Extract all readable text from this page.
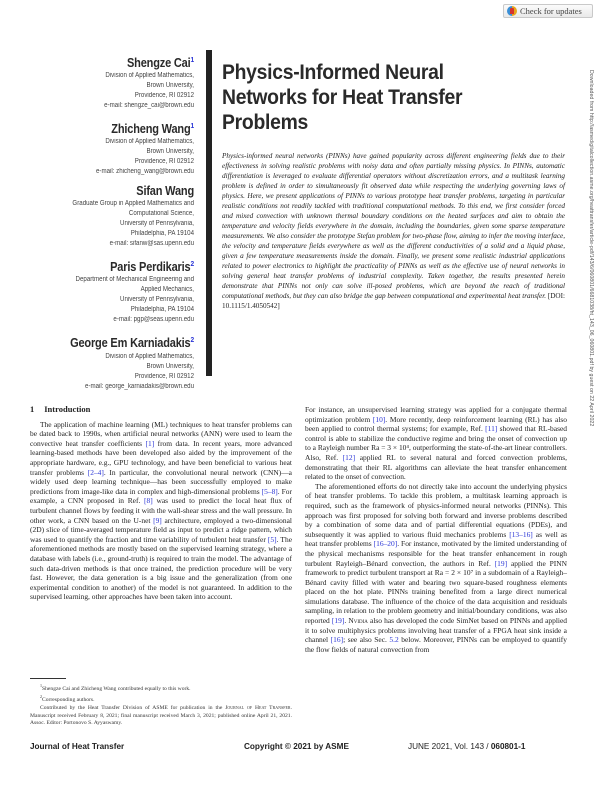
Check for updates
Shengze Cai$^1$
Division of Applied Mathematics,
Brown University,
Providence, RI 02912
e-mail: shengze_cai@brown.edu
Zhicheng Wang$^1$
Division of Applied Mathematics,
Brown University,
Providence, RI 02912
e-mail: zhicheng_wang@brown.edu
Sifan Wang
Graduate Group in Applied Mathematics and
Computational Science,
University of Pennsylvania,
Philadelphia, PA 19104
e-mail: sifanw@sas.upenn.edu
Paris Perdikaris$^2$
Department of Mechanical Engineering and
Applied Mechanics,
University of Pennsylvania,
Philadelphia, PA 19104
e-mail: pgp@seas.upenn.edu
George Em Karniadakis$^2$
Division of Applied Mathematics,
Brown University,
Providence, RI 02912
e-mail: george_karniadakis@brown.edu
Physics-Informed Neural Networks for Heat Transfer Problems
Physics-informed neural networks (PINNs) have gained popularity across different engineering fields due to their effectiveness in solving realistic problems with noisy data and often partially missing physics. In PINNs, automatic differentiation is leveraged to evaluate differential operators without discretization errors, and a multitask learning problem is defined in order to simultaneously fit observed data while respecting the underlying governing laws of physics. Here, we present applications of PINNs to various prototype heat transfer problems, targeting in particular realistic conditions not readily tackled with traditional computational methods. To this end, we first consider forced and mixed convection with unknown thermal boundary conditions on the heated surfaces and aim to obtain the temperature and velocity fields everywhere in the domain, including the boundaries, given some sparse temperature measurements. We also consider the prototype Stefan problem for two-phase flow, aiming to infer the moving interface, the velocity and temperature fields everywhere as well as the different conductivities of a solid and a liquid phase, given a few temperature measurements inside the domain. Finally, we present some realistic industrial applications related to power electronics to highlight the practicality of PINNs as well as the effective use of neural networks in solving general heat transfer problems of industrial complexity. Taken together, the results presented herein demonstrate that PINNs not only can solve ill-posed problems, which are beyond the reach of traditional computational methods, but they can also bridge the gap between computational and experimental heat transfer. [DOI: 10.1115/1.4050542]	Downloaded from http://asmedigitalcollection.asme.org/heattransfer/article-pdf/143/6/060801/6681038/ht_143_06_060801.pdf by guest on 22 April 2022
1 Introduction

The application of machine learning (ML) techniques to heat transfer problems can be dated back to 1990s, when artificial neural networks (ANN) were used to learn the convective heat transfer coefficients [1] from data. In recent years, more advanced learning-based methods have been developed also aided by the improvement of the appropriate hardware, e.g., GPU technology, and have been beneficial to various heat transfer problems [2–4]. In particular, the convolutional neural network (CNN)—a widely used deep learning technique—has been successfully employed to make predictions from image-like data in complex and high-dimensional problems [5–8]. For example, a CNN proposed in Ref. [8] was used to predict the local heat flux of turbulent channel flows by feeding it with the wall-shear stress and the wall pressure. In other work, a CNN based on the U-net [9] architecture, employed a two-dimensional (2D) slice of time-averaged temperature field as input to predict a ridge pattern, which was used to quantify the fraction and time variability of turbulent heat transfer [5]. The aforementioned methods are mostly based on the supervised learning strategy, where a database with labels (i.e., ground-truth) is required to train the model. The advantage of such data-driven methods is that once trained, the prediction procedure will be very fast. However, the data generation is a big issue and the generalization (from one experimental condition to another) of the model is not guaranteed. In addition to the supervised learning, other approaches have been taken into account.

For instance, an unsupervised learning strategy was applied for a conjugate thermal optimization problem [10]. More recently, deep reinforcement learning (RL) has also been applied to control thermal systems; for example, Ref. [11] showed that RL-based control is able to stabilize the conductive regime and bring the onset of convection up to a Rayleigh number Ra = 3 × 10⁴, outperforming the state-of-the-art linear controllers. Also, Ref. [12] applied RL to several natural and forced convection problems, demonstrating that their RL algorithms can alleviate the heat transfer enhancement related to the onset of convection.

The aforementioned efforts do not directly take into account the underlying physics of heat transfer problems. To tackle this problem, a multitask learning approach is required, such as the framework of physics-informed neural networks (PINNs). This approach was first proposed for solving both forward and inverse problems described by a combination of some data and of partial differential equations (PDEs), and subsequently it was applied to various fluid mechanics problems [13–16] as well as heat transfer problems [16–20]. For instance, motivated by the limited understanding of the physical mechanisms responsible for the heat transfer enhancement in rough turbulent Rayleigh–Bénard convection, the authors in Ref. [19] applied the PINN framework to predict turbulent transport at Ra = 2 × 10⁷ in a subdomain of a Rayleigh–Bénard cavity filled with water and bearing two square-based roughness elements placed on the hot plate. PINNs training benefited from a large direct numerical simulations database. The influence of the choice of the data acquisition and residuals sampling, in relation to the problem geometry and initial/boundary conditions, was also reported [19]. Nvidia also has developed the code SimNet based on PINNs and applied it to solve multiphysics problems involving heat transfer of a FPGA heat sink inside a channel [16]; see also Sec. 5.2 below. Moreover, PINNs can be employed to quantify the flow fields of natural convection from

$^1$Shengze Cai and Zhicheng Wang contributed equally to this work.

$^2$Corresponding authors.

Contributed by the Heat Transfer Division of ASME for publication in the Journal of Heat Transfer. Manuscript received February 8, 2021; final manuscript received March 3, 2021; published online April 21, 2021. Assoc. Editor: Portonovo S. Ayyaswamy.

Journal of Heat Transfer	Copyright © 2021 by ASME	JUNE 2021, Vol. 143 / 060801-1
